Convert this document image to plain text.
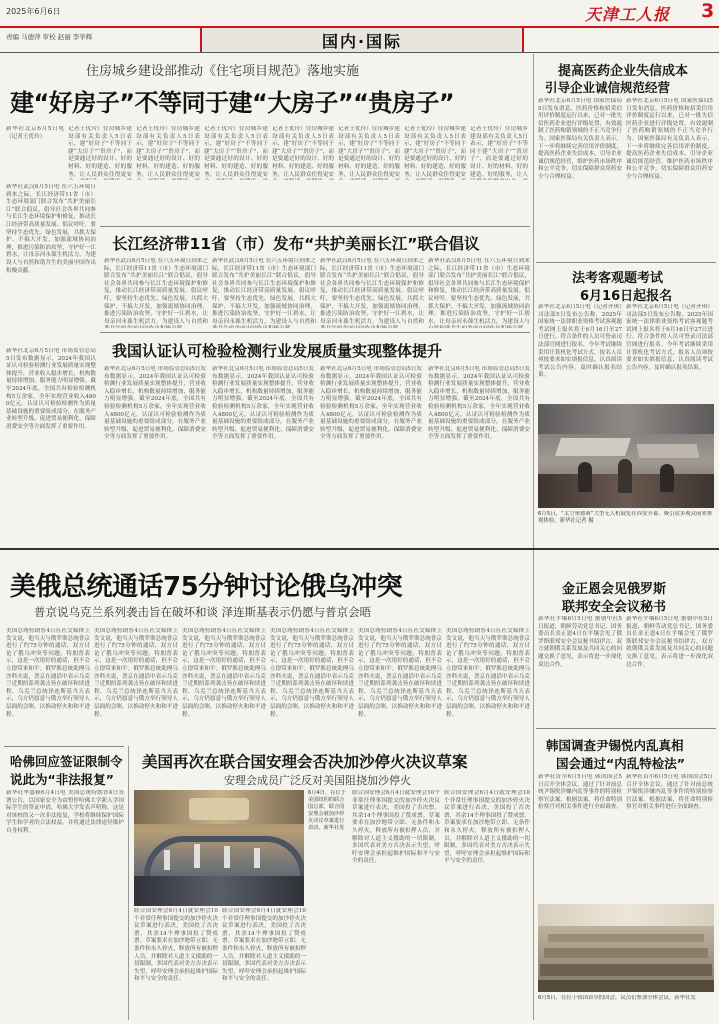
2025年6月6日	天津工人报 3
责编 马德萍 审校 赵丽 李学辉	国内·国际
住房城乡建设部推动《住宅项目规范》落地实施
建“好房子”不等同于建“大房子”“贵房子”
新华社北京6月5日电（记者王优玲）
记者王优玲）住房城乡建设部有关负责人5日表示，建“好房子”不等同于建“大房子”“贵房子”，而是要通过好的设计、好的材料、好的建造、好的服务，让人民群众住得更安
记者王优玲）住房城乡建设部有关负责人5日表示，建“好房子”不等同于建“大房子”“贵房子”，而是要通过好的设计、好的材料、好的建造、好的服务，让人民群众住得更安
记者王优玲）住房城乡建设部有关负责人5日表示，建“好房子”不等同于建“大房子”“贵房子”，而是要通过好的设计、好的材料、好的建造、好的服务，让人民群众住得更安
记者王优玲）住房城乡建设部有关负责人5日表示，建“好房子”不等同于建“大房子”“贵房子”，而是要通过好的设计、好的材料、好的建造、好的服务，让人民群众住得更安
记者王优玲）住房城乡建设部有关负责人5日表示，建“好房子”不等同于建“大房子”“贵房子”，而是要通过好的设计、好的材料、好的建造、好的服务，让人民群众住得更安
记者王优玲）住房城乡建设部有关负责人5日表示，建“好房子”不等同于建“大房子”“贵房子”，而是要通过好的设计、好的材料、好的建造、好的服务，让人民群众住得更安
记者王优玲）住房城乡建设部有关负责人5日表示，建“好房子”不等同于建“大房子”“贵房子”，而是要通过好的设计、好的材料、好的建造、好的服务，让人
提高医药企业失信成本
引导企业诚信规范经营
新华社北京6月5日电 国家医保局5日发布消息，医药价格和招采信用评价制度运行以来，已对一批失信医药企业进行评级处置，有效遏制了医药购销领域的不正当竞争行为。国家医保局有关负责人表示，下一步将继续完善信用评价制度，提高医药企业失信成本，引导企业诚信规范经营，维护医药市场秩序和公平竞争，切实保障群众用药安全与合理权益。
新华社北京6月5日电 国家医保局5日发布消息，医药价格和招采信用评价制度运行以来，已对一批失信医药企业进行评级处置，有效遏制了医药购销领域的不正当竞争行为。国家医保局有关负责人表示，下一步将继续完善信用评价制度，提高医药企业失信成本，引导企业诚信规范经营，维护医药市场秩序和公平竞争，切实保障群众用药安全与合理权益。
法考客观题考试
6月16日起报名
新华社北京6月5日电（记者齐琪）司法部5日发布公告称，2025年国家统一法律职业资格考试客观题考试网上报名将于6月16日至27日进行。符合条件的人员可登录司法部官网进行报名。今年考试继续采用计算机化考试方式，报名人员须按要求如实填报信息，认真阅读考试公告内容，及时确认报名结果。
新华社北京6月5日电（记者齐琪）司法部5日发布公告称，2025年国家统一法律职业资格考试客观题考试网上报名将于6月16日至27日进行。符合条件的人员可登录司法部官网进行报名。今年考试继续采用计算机化考试方式，报名人员须按要求如实填报信息，认真阅读考试公告内容，及时确认报名结果。
6月5日，“太空奥德赛”大型无人机展览在西安开幕，吸引众多观众前来参观体验。新华社记者 摄
长江经济带11省（市）发布“共护美丽长江”联合倡议
新华社武汉6月5日电 在六五环境日到来之际，长江经济带11省（市）生态环境部门联合发布“共护美丽长江”联合倡议，倡导社会各界共同参与长江生态环境保护和修复，推动长江经济带高质量发展。倡议呼吁，要坚持生态优先、绿色发展，共抓大保护、不搞大开发，加强流域协同治理，推进污染防治攻坚，守护好一江碧水，让母亲河永葆生机活力，为建设人与自然和谐共生的美丽中国作出积极贡献。
新华社武汉6月5日电 在六五环境日到来之际，长江经济带11省（市）生态环境部门联合发布“共护美丽长江”联合倡议，倡导社会各界共同参与长江生态环境保护和修复，推动长江经济带高质量发展。倡议呼吁，要坚持生态优先、绿色发展，共抓大保护、不搞大开发，加强流域协同治理，推进污染防治攻坚，守护好一江碧水，让母亲河永葆生机活力，为建设人与自然和
新华社武汉6月5日电 在六五环境日到来之际，长江经济带11省（市）生态环境部门联合发布“共护美丽长江”联合倡议，倡导社会各界共同参与长江生态环境保护和修复，推动长江经济带高质量发展。倡议呼吁，要坚持生态优先、绿色发展，共抓大保护、不搞大开发，加强流域协同治理，推进污染防治攻坚，守护好一江碧水，让母亲河永葆生机活力，为建设人与自然和
新华社武汉6月5日电 在六五环境日到来之际，长江经济带11省（市）生态环境部门联合发布“共护美丽长江”联合倡议，倡导社会各界共同参与长江生态环境保护和修复，推动长江经济带高质量发展。倡议呼吁，要坚持生态优先、绿色发展，共抓大保护、不搞大开发，加强流域协同治理，推进污染防治攻坚，守护好一江碧水，让母亲河永葆生机活力，为建设人与自然和
新华社武汉6月5日电 在六五环境日到来之际，长江经济带11省（市）生态环境部门联合发布“共护美丽长江”联合倡议，倡导社会各界共同参与长江生态环境保护和修复，推动长江经济带高质量发展。倡议呼吁，要坚持生态优先、绿色发展，共抓大保护、不搞大开发，加强流域协同治理，推进污染防治攻坚，守护好一江碧水，让母亲河永葆生机活力，为建设人与
我国认证认可检验检测行业发展质量实现整体提升
新华社北京6月5日电 市场监管总局5日发布数据显示，2024年我国认证认可检验检测行业发展质量实现整体提升，营业收入稳步增长，机构数量持续增加，服务能力明显增强。截至2024年底，全国共有检验检测机构5万余家，全年实现营业收入4800亿元。认证认可检验检测作为质量基础设施的重要组成部分，在服务产业转型升级、促进贸易便利化、保障消费安全等方面发挥了重要作用。
新华社北京6月5日电 市场监管总局5日发布数据显示，2024年我国认证认可检验检测行业发展质量实现整体提升，营业收入稳步增长，机构数量持续增加，服务能力明显增强。截至2024年底，全国共有检验检测机构5万余家，全年实现营业收入4800亿元。认证认可检验检测作为质量基础设施的重要组成部分，在服务产业转型升级、促进贸易便利化、保障消费安全等方面发挥了重要作用。
新华社北京6月5日电 市场监管总局5日发布数据显示，2024年我国认证认可检验检测行业发展质量实现整体提升，营业收入稳步增长，机构数量持续增加，服务能力明显增强。截至2024年底，全国共有检验检测机构5万余家，全年实现营业收入4800亿元。认证认可检验检测作为质量基础设施的重要组成部分，在服务产业转型升级、促进贸易便利化、保障消费安全等方面发挥了重要作用。
新华社北京6月5日电 市场监管总局5日发布数据显示，2024年我国认证认可检验检测行业发展质量实现整体提升，营业收入稳步增长，机构数量持续增加，服务能力明显增强。截至2024年底，全国共有检验检测机构5万余家，全年实现营业收入4800亿元。认证认可检验检测作为质量基础设施的重要组成部分，在服务产业转型升级、促进贸易便利化、保障消费安全等方面发挥了重要作用。
新华社北京6月5日电 市场监管总局5日发布数据显示，2024年我国认证认可检验检测行业发展质量实现整体提升，营业收入稳步增长，机构数量持续增加，服务能力明显增强。截至2024年底，全国共有检验检测机构5万余家，全年实现营业收入4800亿元。认证认可检验检测作为质量基础设施的重要组成部分，在服务产业转型升级、促进贸易便利化、保障消费安全等方面发挥了重要作用。
美俄总统通话75分钟讨论俄乌冲突
普京说乌克兰系列袭击旨在破坏和谈 泽连斯基表示仍愿与普京会晤
美国总统特朗普4日在社交媒体上发文说，他当天与俄罗斯总统普京进行了约75分钟的通话，双方讨论了俄乌冲突等问题。特朗普表示，这是一次很好的通话，但不会立即带来和平。俄罗斯总统助理乌沙科夫说，普京在通话中表示乌克兰近期的系列袭击旨在破坏和谈进程。乌克兰总统泽连斯基当天表示，乌方仍愿意与俄方举行领导人层面的会晤，以推动停火和和平进程。
美国总统特朗普4日在社交媒体上发文说，他当天与俄罗斯总统普京进行了约75分钟的通话，双方讨论了俄乌冲突等问题。特朗普表示，这是一次很好的通话，但不会立即带来和平。俄罗斯总统助理乌沙科夫说，普京在通话中表示乌克兰近期的系列袭击旨在破坏和谈进程。乌克兰总统泽连斯基当天表示，乌方仍愿意与俄方举行领导人层面的会晤，以推动停火和和平进程。
美国总统特朗普4日在社交媒体上发文说，他当天与俄罗斯总统普京进行了约75分钟的通话，双方讨论了俄乌冲突等问题。特朗普表示，这是一次很好的通话，但不会立即带来和平。俄罗斯总统助理乌沙科夫说，普京在通话中表示乌克兰近期的系列袭击旨在破坏和谈进程。乌克兰总统泽连斯基当天表示，乌方仍愿意与俄方举行领导人层面的会晤，以推动停火和和平进程。
美国总统特朗普4日在社交媒体上发文说，他当天与俄罗斯总统普京进行了约75分钟的通话，双方讨论了俄乌冲突等问题。特朗普表示，这是一次很好的通话，但不会立即带来和平。俄罗斯总统助理乌沙科夫说，普京在通话中表示乌克兰近期的系列袭击旨在破坏和谈进程。乌克兰总统泽连斯基当天表示，乌方仍愿意与俄方举行领导人层面的会晤，以推动停火和和平进程。
美国总统特朗普4日在社交媒体上发文说，他当天与俄罗斯总统普京进行了约75分钟的通话，双方讨论了俄乌冲突等问题。特朗普表示，这是一次很好的通话，但不会立即带来和平。俄罗斯总统助理乌沙科夫说，普京在通话中表示乌克兰近期的系列袭击旨在破坏和谈进程。乌克兰总统泽连斯基当天表示，乌方仍愿意与俄方举行领导人层面的会晤，以推动停火和和平进程。
美国总统特朗普4日在社交媒体上发文说，他当天与俄罗斯总统普京进行了约75分钟的通话，双方讨论了俄乌冲突等问题。特朗普表示，这是一次很好的通话，但不会立即带来和平。俄罗斯总统助理乌沙科夫说，普京在通话中表示乌克兰近期的系列袭击旨在破坏和谈进程。乌克兰总统泽连斯基当天表示，乌方仍愿意与俄方举行领导人层面的会晤，以推动停火和和平进程。
金正恩会见俄罗斯
联邦安全会议秘书
新华社平壤6月5日电 据朝中社5日报道，朝鲜劳动党总书记、国务委员长金正恩4日在平壤会见了俄罗斯联邦安全会议秘书绍伊古。双方就朝俄关系发展及共同关心的问题交换了意见，表示将进一步深化双边合作。
新华社平壤6月5日电 据朝中社5日报道，朝鲜劳动党总书记、国务委员长金正恩4日在平壤会见了俄罗斯联邦安全会议秘书绍伊古。双方就朝俄关系发展及共同关心的问题交换了意见，表示将进一步深化双边合作。
韩国调查尹锡悦内乱真相
国会通过“内乱特检法”
新华社首尔6月5日电 韩国国会5日召开全体会议，通过了针对前总统尹锡悦涉嫌内乱等事件的特别检察官法案。根据法案，将任命特别检察官对相关事件进行全面调查。
新华社首尔6月5日电 韩国国会5日召开全体会议，通过了针对前总统尹锡悦涉嫌内乱等事件的特别检察官法案。根据法案，将任命特别检察官对相关事件进行全面调查。
6月5日，在位于韩国首尔的国会，议员们参加全体会议。新华社发
哈佛回应签证限制令
说此为“非法报复”
新华社华盛顿6月4日电 美国总统特朗普4日签署公告，以国家安全为由暂停哈佛大学新入学国际学生的签证申请。哈佛大学发表声明称，这是对该校的又一次非法报复，学校将继续保护国际学生和学者的合法权益，并将通过法律途径维护自身权利。
美国再次在联合国安理会否决加沙停火决议草案
安理会成员广泛反对美国阻挠加沙停火
6月4日，在位于美国纽约的联合国总部，联合国安理会就加沙停火决议草案进行表决。新华社发
联合国安理会6月4日就安理会10个非常任理事国提交的加沙停火决议草案进行表决，美国投了否决票，其余14个理事国投了赞成票。草案要求在加沙地带立即、无条件和永久停火，释放所有被扣押人员，并解除对人道主义援助的一切限制。多国代表对美方否决表示失望，呼吁安理会承担起维护国际和平与安全的责任。
联合国安理会6月4日就安理会10个非常任理事国提交的加沙停火决议草案进行表决，美国投了否决票，其余14个理事国投了赞成票。草案要求在加沙地带立即、无条件和永久停火，释放所有被扣押人员，并解除对人道主义援助的一切限制。多国代表对美方否决表示失望，呼吁安理会承担起维护国际和平与安全的责任。
联合国安理会6月4日就安理会10个非常任理事国提交的加沙停火决议草案进行表决，美国投了否决票，其余14个理事国投了赞成票。草案要求在加沙地带立即、无条件和永久停火，释放所有被扣押人员，并解除对人道主义援助的一切限制。多国代表对美方否决表示失望，呼吁安理会承担起维护国际和平与安全的责任。
联合国安理会6月4日就安理会10个非常任理事国提交的加沙停火决议草案进行表决，美国投了否决票，其余14个理事国投了赞成票。草案要求在加沙地带立即、无条件和永久停火，释放所有被扣押人员，并解除对人道主义援助的一切限制。多国代表对美方否决表示失望，呼吁安理会承担起维护国际和平与安全的责任。
